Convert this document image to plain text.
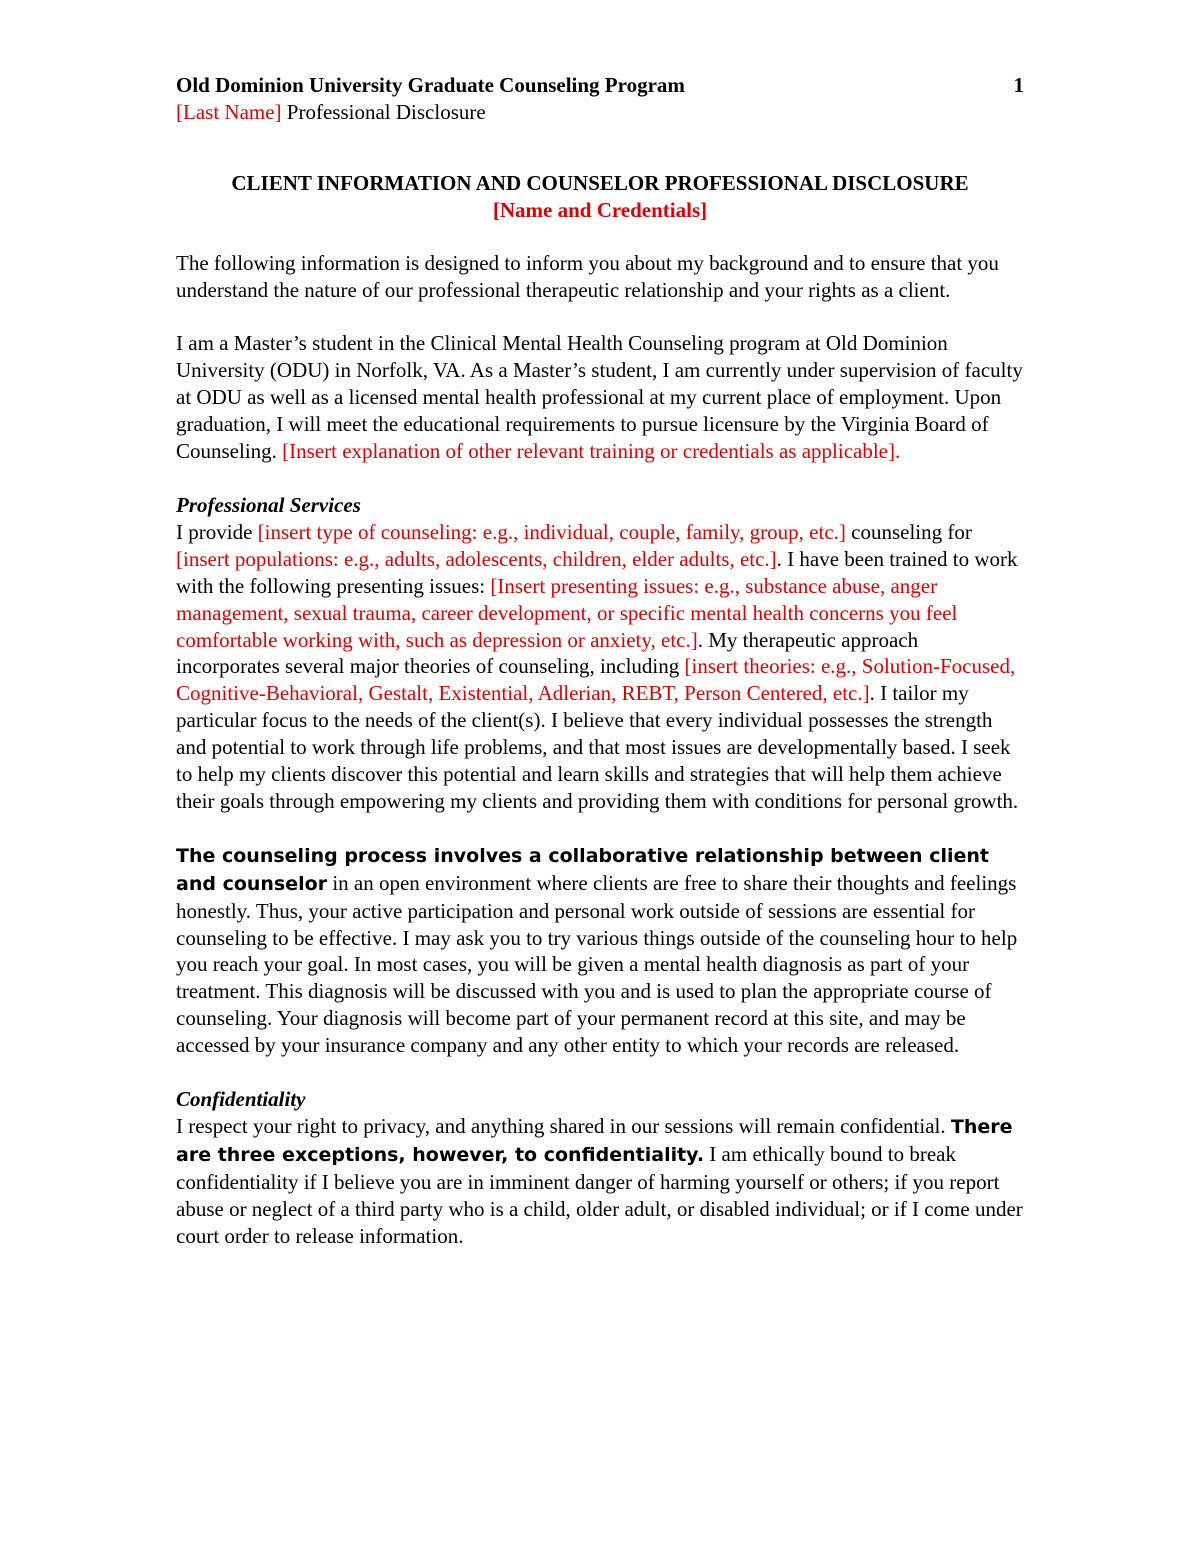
Old Dominion University Graduate Counseling Program	1
[Last Name] Professional Disclosure
CLIENT INFORMATION AND COUNSELOR PROFESSIONAL DISCLOSURE
[Name and Credentials]

The following information is designed to inform you about my background and to ensure that you understand the nature of our professional therapeutic relationship and your rights as a client.

I am a Master’s student in the Clinical Mental Health Counseling program at Old Dominion University (ODU) in Norfolk, VA. As a Master’s student, I am currently under supervision of faculty at ODU as well as a licensed mental health professional at my current place of employment. Upon graduation, I will meet the educational requirements to pursue licensure by the Virginia Board of Counseling. [Insert explanation of other relevant training or credentials as applicable].

Professional Services

I provide [insert type of counseling: e.g., individual, couple, family, group, etc.] counseling for [insert populations: e.g., adults, adolescents, children, elder adults, etc.]. I have been trained to work with the following presenting issues: [Insert presenting issues: e.g., substance abuse, anger management, sexual trauma, career development, or specific mental health concerns you feel comfortable working with, such as depression or anxiety, etc.]. My therapeutic approach incorporates several major theories of counseling, including [insert theories: e.g., Solution-Focused, Cognitive-Behavioral, Gestalt, Existential, Adlerian, REBT, Person Centered, etc.]. I tailor my particular focus to the needs of the client(s). I believe that every individual possesses the strength and potential to work through life problems, and that most issues are developmentally based. I seek to help my clients discover this potential and learn skills and strategies that will help them achieve their goals through empowering my clients and providing them with conditions for personal growth.

The counseling process involves a collaborative relationship between client and counselor in an open environment where clients are free to share their thoughts and feelings honestly. Thus, your active participation and personal work outside of sessions are essential for counseling to be effective. I may ask you to try various things outside of the counseling hour to help you reach your goal. In most cases, you will be given a mental health diagnosis as part of your treatment. This diagnosis will be discussed with you and is used to plan the appropriate course of counseling. Your diagnosis will become part of your permanent record at this site, and may be accessed by your insurance company and any other entity to which your records are released.

Confidentiality

I respect your right to privacy, and anything shared in our sessions will remain confidential. There are three exceptions, however, to confidentiality. I am ethically bound to break confidentiality if I believe you are in imminent danger of harming yourself or others; if you report abuse or neglect of a third party who is a child, older adult, or disabled individual; or if I come under court order to release information.
